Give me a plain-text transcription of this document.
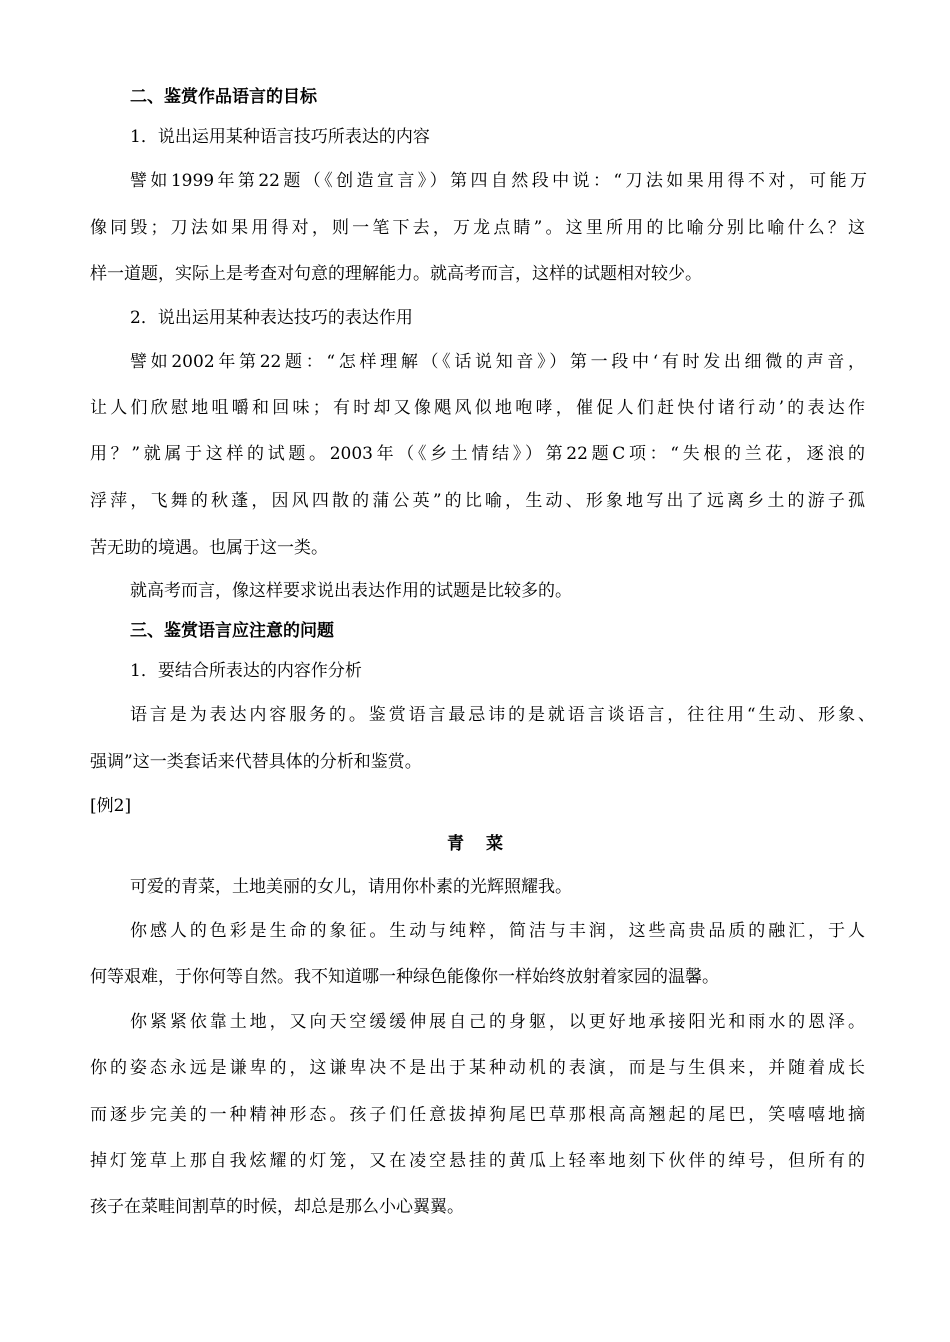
二、鉴赏作品语言的目标
1．说出运用某种语言技巧所表达的内容
譬如1999年第22题（《创造宣言》）第四自然段中说：“刀法如果用得不对，可能万
像同毁；刀法如果用得对，则一笔下去，万龙点睛”。这里所用的比喻分别比喻什么？这
样一道题，实际上是考查对句意的理解能力。就高考而言，这样的试题相对较少。
2．说出运用某种表达技巧的表达作用
譬如2002年第22题：“怎样理解（《话说知音》）第一段中‘有时发出细微的声音，
让人们欣慰地咀嚼和回味；有时却又像飓风似地咆哮，催促人们赶快付诸行动’的表达作
用？”就属于这样的试题。2003年（《乡土情结》）第22题C项：“失根的兰花，逐浪的
浮萍，飞舞的秋蓬，因风四散的蒲公英”的比喻，生动、形象地写出了远离乡土的游子孤
苦无助的境遇。也属于这一类。
就高考而言，像这样要求说出表达作用的试题是比较多的。
三、鉴赏语言应注意的问题
1．要结合所表达的内容作分析
语言是为表达内容服务的。鉴赏语言最忌讳的是就语言谈语言，往往用“生动、形象、
强调”这一类套话来代替具体的分析和鉴赏。
[例2]
青菜
可爱的青菜，土地美丽的女儿，请用你朴素的光辉照耀我。
你感人的色彩是生命的象征。生动与纯粹，简洁与丰润，这些高贵品质的融汇，于人
何等艰难，于你何等自然。我不知道哪一种绿色能像你一样始终放射着家园的温馨。
你紧紧依靠土地，又向天空缓缓伸展自己的身躯，以更好地承接阳光和雨水的恩泽。
你的姿态永远是谦卑的，这谦卑决不是出于某种动机的表演，而是与生俱来，并随着成长
而逐步完美的一种精神形态。孩子们任意拔掉狗尾巴草那根高高翘起的尾巴，笑嘻嘻地摘
掉灯笼草上那自我炫耀的灯笼，又在凌空悬挂的黄瓜上轻率地刻下伙伴的绰号，但所有的
孩子在菜畦间割草的时候，却总是那么小心翼翼。
